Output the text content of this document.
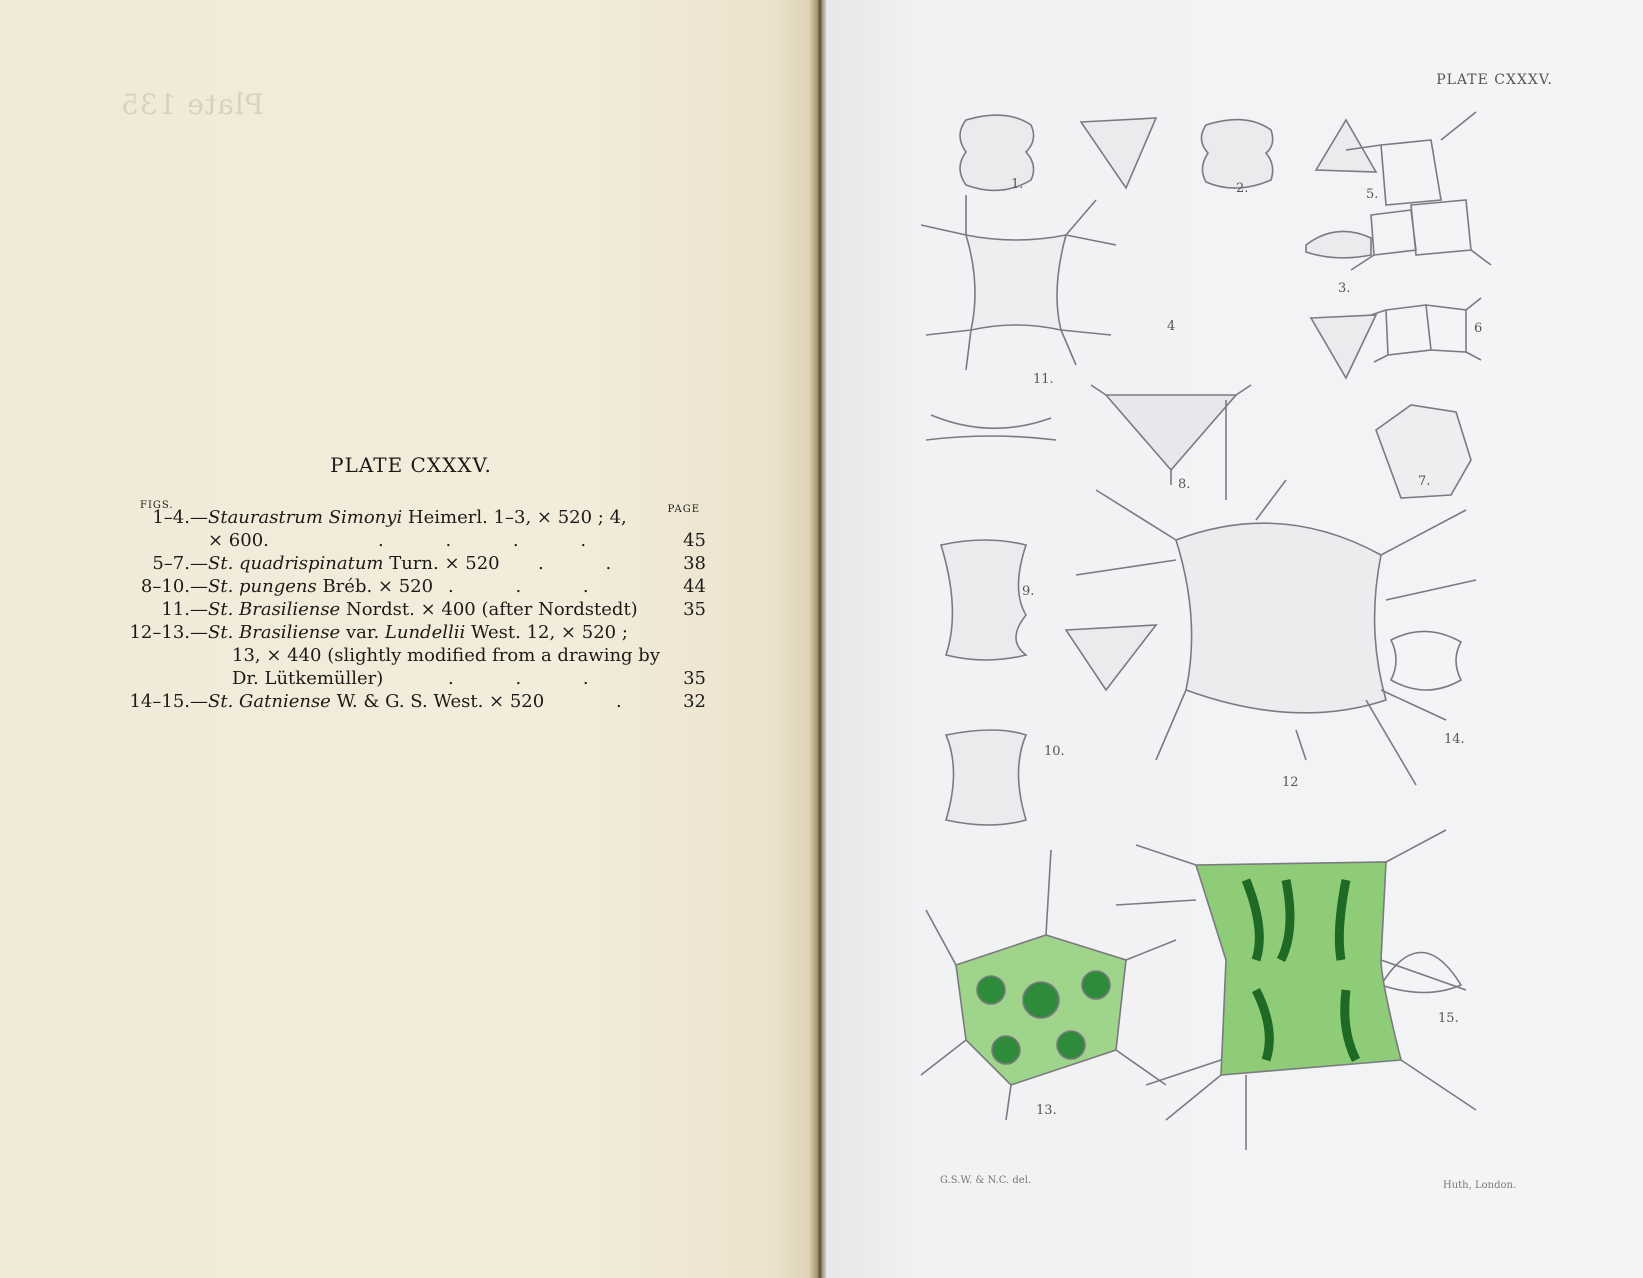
Plate 135
PLATE CXXXV.
FIGS.	PAGE
1–4.—Staurastrum Simonyi Heimerl. 1–3, × 520 ; 4,
× 600.	. . . .	45
5–7.—St. quadrispinatum Turn. × 520 . . 38
8–10.—St. pungens Bréb. × 520 . . .	44
11.—St. Brasiliense Nordst. × 400 (after Nordstedt)	35
12–13.—St. Brasiliense var. Lundellii West. 12, × 520 ;
13, × 440 (slightly modified from a drawing by
Dr. Lütkemüller)	. . .	35
14–15.—St. Gatniense W. & G. S. West. × 520	. 32
PLATE CXXXV.
1.	2.
3.
4
5.
6
7.
8.
9.
10.
11.
12
13.
14.
15.
G.S.W. & N.C. del.	Huth, London.
